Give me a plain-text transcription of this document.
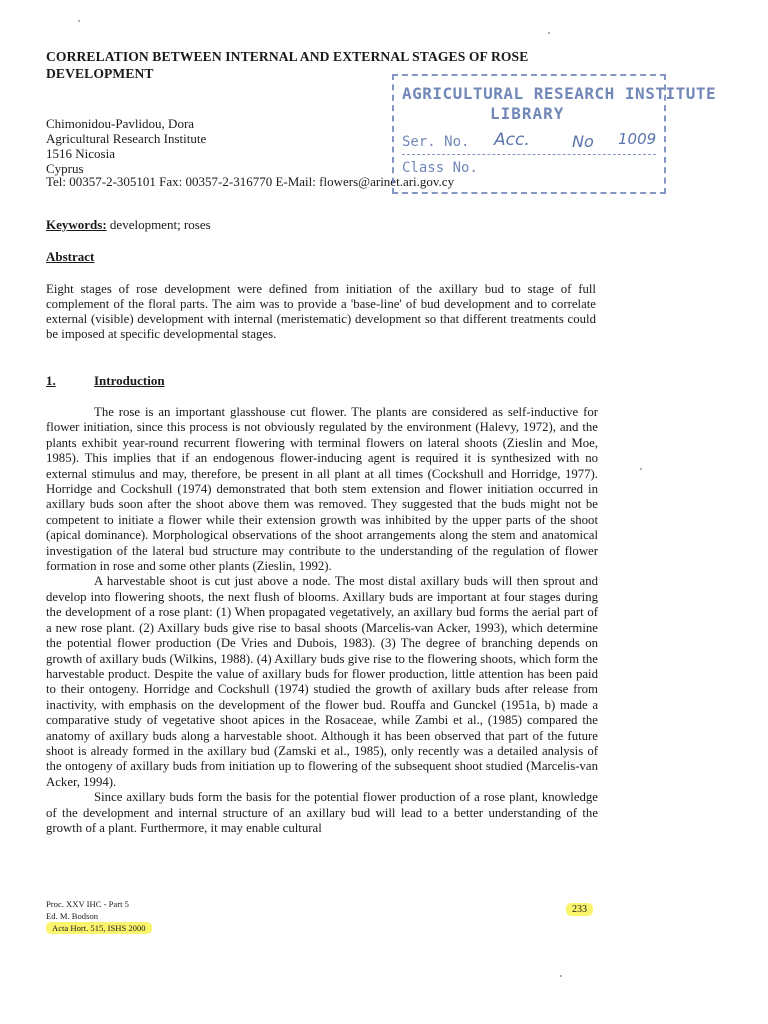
CORRELATION BETWEEN INTERNAL AND EXTERNAL STAGES OF ROSE DEVELOPMENT
Chimonidou-Pavlidou, Dora
Agricultural Research Institute
1516 Nicosia
Cyprus
Tel: 00357-2-305101 Fax: 00357-2-316770 E-Mail: flowers@arinet.ari.gov.cy
AGRICULTURAL RESEARCH INSTITUTE
LIBRARY
Ser. No. Acc.	No 1009
Class No.
Keywords: development; roses
Abstract
Eight stages of rose development were defined from initiation of the axillary bud to stage of full complement of the floral parts. The aim was to provide a 'base-line' of bud development and to correlate external (visible) development with internal (meristematic) development so that different treatments could be imposed at specific developmental stages.
1.	Introduction

The rose is an important glasshouse cut flower. The plants are considered as self-inductive for flower initiation, since this process is not obviously regulated by the environment (Halevy, 1972), and the plants exhibit year-round recurrent flowering with terminal flowers on lateral shoots (Zieslin and Moe, 1985). This implies that if an endogenous flower-inducing agent is required it is synthesized with no external stimulus and may, therefore, be present in all plant at all times (Cockshull and Horridge, 1977). Horridge and Cockshull (1974) demonstrated that both stem extension and flower initiation occurred in axillary buds soon after the shoot above them was removed. They suggested that the buds might not be competent to initiate a flower while their extension growth was inhibited by the upper parts of the shoot (apical dominance). Morphological observations of the shoot arrangements along the stem and anatomical investigation of the lateral bud structure may contribute to the understanding of the regulation of flower formation in rose and some other plants (Zieslin, 1992).

A harvestable shoot is cut just above a node. The most distal axillary buds will then sprout and develop into flowering shoots, the next flush of blooms. Axillary buds are important at four stages during the development of a rose plant: (1) When propagated vegetatively, an axillary bud forms the aerial part of a new rose plant. (2) Axillary buds give rise to basal shoots (Marcelis-van Acker, 1993), which determine the potential flower production (De Vries and Dubois, 1983). (3) The degree of branching depends on growth of axillary buds (Wilkins, 1988). (4) Axillary buds give rise to the flowering shoots, which form the harvestable product. Despite the value of axillary buds for flower production, little attention has been paid to their ontogeny. Horridge and Cockshull (1974) studied the growth of axillary buds after release from inactivity, with emphasis on the development of the flower bud. Rouffa and Gunckel (1951a, b) made a comparative study of vegetative shoot apices in the Rosaceae, while Zambi et al., (1985) compared the anatomy of axillary buds along a harvestable shoot. Although it has been observed that part of the future shoot is already formed in the axillary bud (Zamski et al., 1985), only recently was a detailed analysis of the ontogeny of axillary buds from initiation up to flowering of the subsequent shoot studied (Marcelis-van Acker, 1994).

Since axillary buds form the basis for the potential flower production of a rose plant, knowledge of the development and internal structure of an axillary bud will lead to a better understanding of the growth of a plant. Furthermore, it may enable cultural

Proc. XXV IHC - Part 5
Ed. M. Bodson
Acta Hort. 515, ISHS 2000
233
